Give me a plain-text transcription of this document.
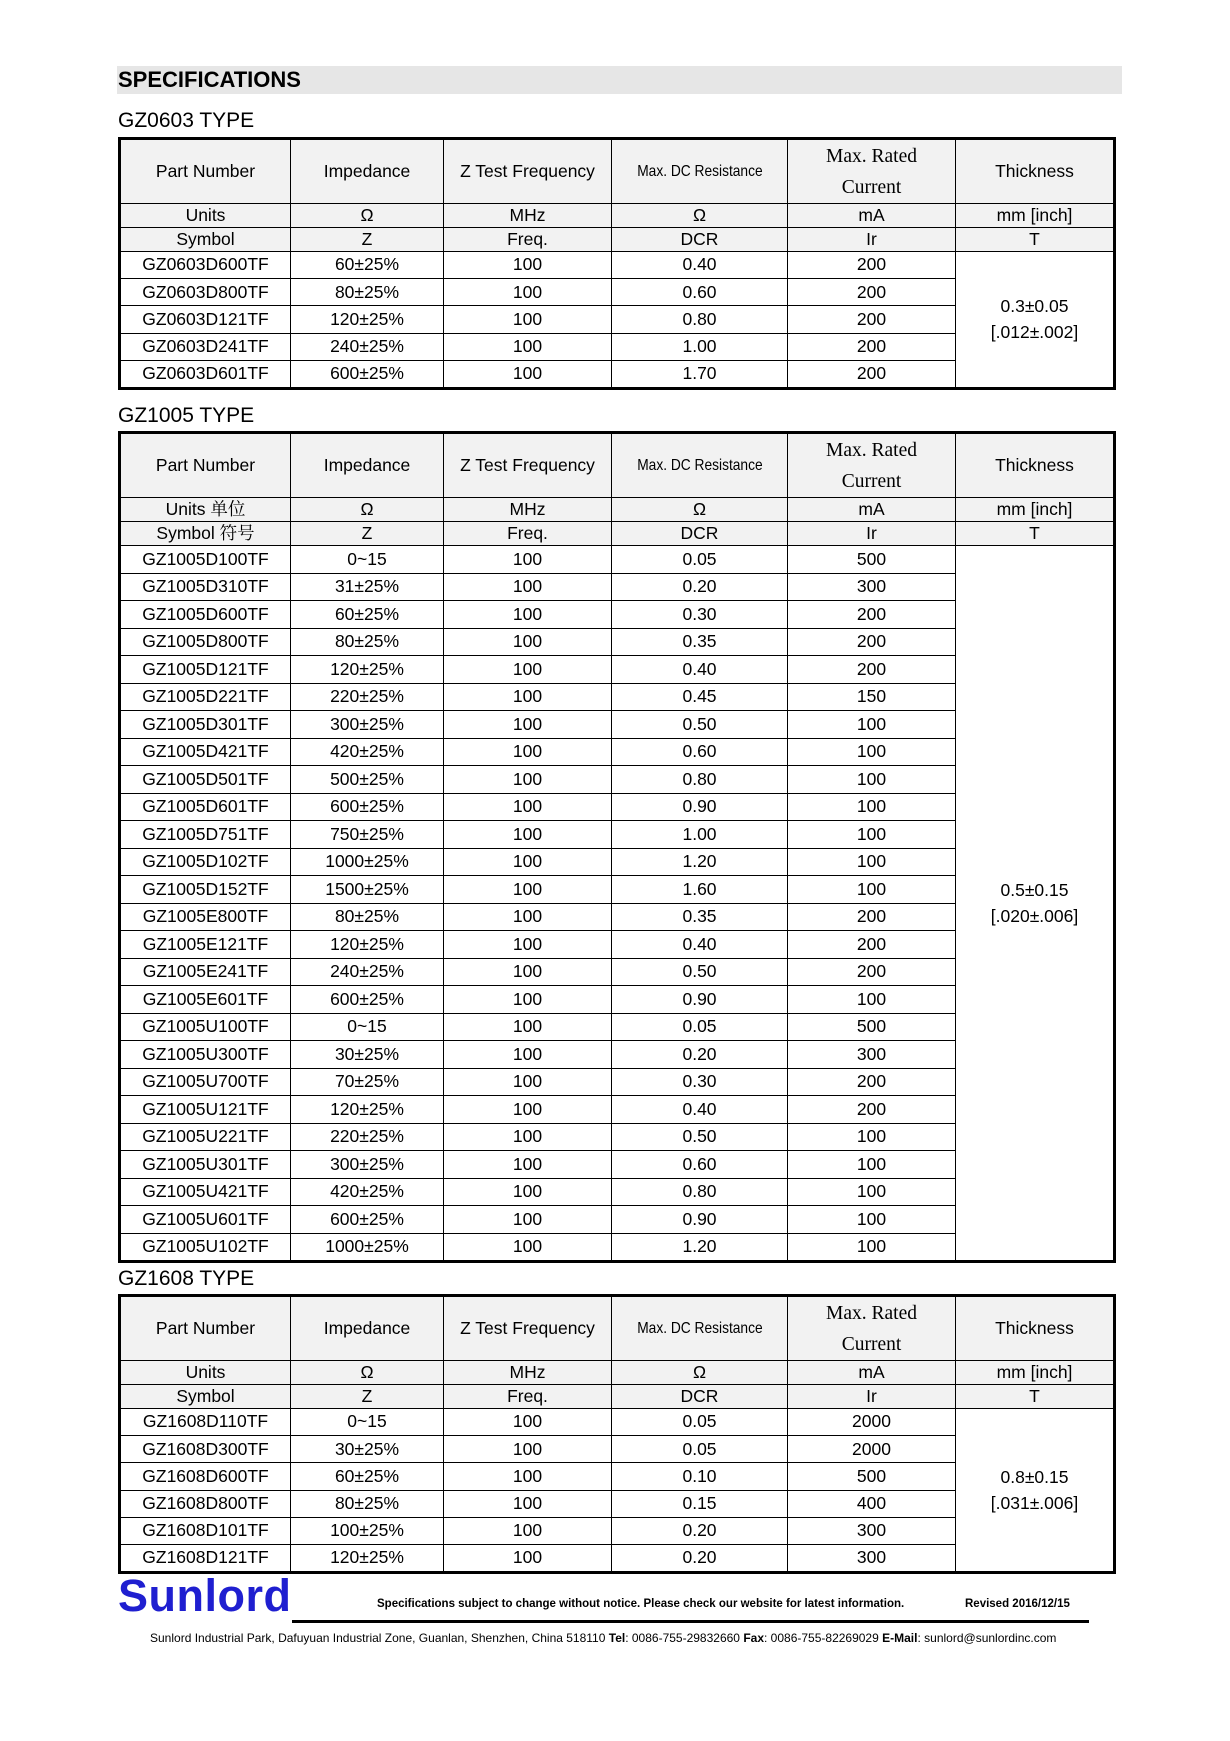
SPECIFICATIONS
GZ0603 TYPE
Part Number	Impedance	Z Test Frequency	Max. DC Resistance	Max. Rated Current	Thickness
Units	Ω	MHz	Ω	mA	mm [inch]
Symbol	Z	Freq.	DCR	Ir	T
GZ0603D600TF	60±25%	100	0.40	200	0.3±0.05
[.012±.002]

GZ0603D800TF	80±25%	100	0.60	200	
GZ0603D121TF	120±25%	100	0.80	200	
GZ0603D241TF	240±25%	100	1.00	200	
GZ0603D601TF	600±25%	100	1.70	200	
GZ1005 TYPE
Part Number	Impedance	Z Test Frequency	Max. DC Resistance	Max. Rated Current	Thickness
Units 单位	Ω	MHz	Ω	mA	mm [inch]
Symbol 符号	Z	Freq.	DCR	Ir	T
GZ1005D100TF	0~15	100	0.05	500	0.5±0.15
[.020±.006]

GZ1005D310TF	31±25%	100	0.20	300	
GZ1005D600TF	60±25%	100	0.30	200	
GZ1005D800TF	80±25%	100	0.35	200	
GZ1005D121TF	120±25%	100	0.40	200	
GZ1005D221TF	220±25%	100	0.45	150	
GZ1005D301TF	300±25%	100	0.50	100	
GZ1005D421TF	420±25%	100	0.60	100	
GZ1005D501TF	500±25%	100	0.80	100	
GZ1005D601TF	600±25%	100	0.90	100	
GZ1005D751TF	750±25%	100	1.00	100	
GZ1005D102TF	1000±25%	100	1.20	100	
GZ1005D152TF	1500±25%	100	1.60	100	
GZ1005E800TF	80±25%	100	0.35	200	
GZ1005E121TF	120±25%	100	0.40	200	
GZ1005E241TF	240±25%	100	0.50	200	
GZ1005E601TF	600±25%	100	0.90	100	
GZ1005U100TF	0~15	100	0.05	500	
GZ1005U300TF	30±25%	100	0.20	300	
GZ1005U700TF	70±25%	100	0.30	200	
GZ1005U121TF	120±25%	100	0.40	200	
GZ1005U221TF	220±25%	100	0.50	100	
GZ1005U301TF	300±25%	100	0.60	100	
GZ1005U421TF	420±25%	100	0.80	100	
GZ1005U601TF	600±25%	100	0.90	100	
GZ1005U102TF	1000±25%	100	1.20	100	
GZ1608 TYPE
Part Number	Impedance	Z Test Frequency	Max. DC Resistance	Max. Rated Current	Thickness
Units	Ω	MHz	Ω	mA	mm [inch]
Symbol	Z	Freq.	DCR	Ir	T
GZ1608D110TF	0~15	100	0.05	2000	0.8±0.15
[.031±.006]

GZ1608D300TF	30±25%	100	0.05	2000	
GZ1608D600TF	60±25%	100	0.10	500	
GZ1608D800TF	80±25%	100	0.15	400	
GZ1608D101TF	100±25%	100	0.20	300	
GZ1608D121TF	120±25%	100	0.20	300	
Sunlord	Specifications subject to change without notice. Please check our website for latest information.	Revised 2016/12/15
Sunlord Industrial Park, Dafuyuan Industrial Zone, Guanlan, Shenzhen, China 518110 Tel: 0086-755-29832660 Fax: 0086-755-82269029 E-Mail: sunlord@sunlordinc.com
